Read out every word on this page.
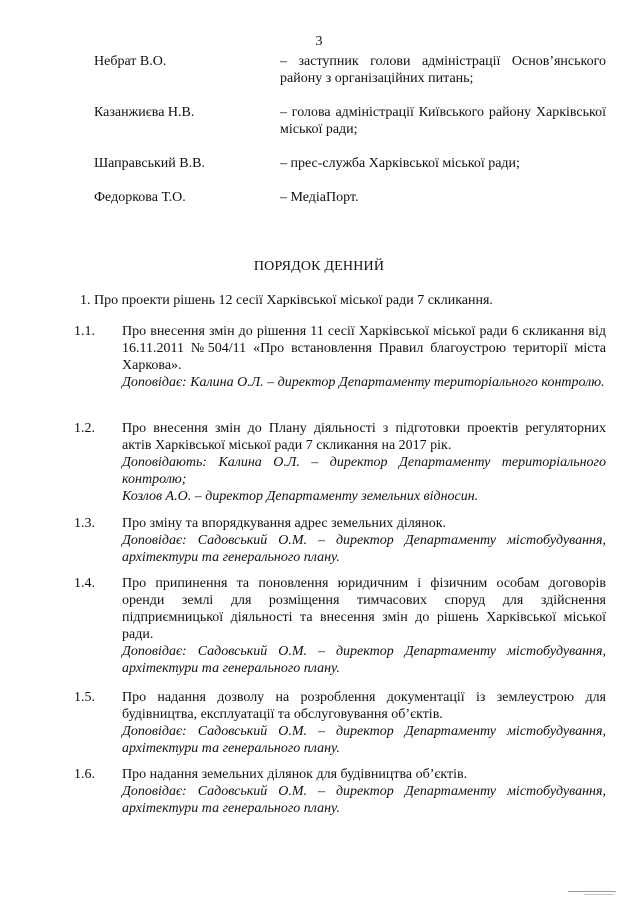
3
Небрат В.О.	– заступник голови адміністрації Основ’янського району з організаційних питань;
Казанжиєва Н.В.	– голова адміністрації Київського району Харківської міської ради;
Шаправський В.В.	– прес-служба Харківської міської ради;
Федоркова Т.О.	– МедіаПорт.
ПОРЯДОК ДЕННИЙ
1. Про проекти рішень 12 сесії Харківської міської ради 7 скликання.
1.1. Про внесення змін до рішення 11 сесії Харківської міської ради 6 скликання від 16.11.2011 №504/11 «Про встановлення Правил благоустрою території міста Харкова».
Доповідає: Калина О.Л. – директор Департаменту територіального контролю.
1.2. Про внесення змін до Плану діяльності з підготовки проектів регуляторних актів Харківської міської ради 7 скликання на 2017 рік.
Доповідають: Калина О.Л. – директор Департаменту територіального контролю;
Козлов А.О. – директор Департаменту земельних відносин.
1.3. Про зміну та впорядкування адрес земельних ділянок.
Доповідає: Садовський О.М. – директор Департаменту містобудування, архітектури та генерального плану.
1.4. Про припинення та поновлення юридичним і фізичним особам договорів оренди землі для розміщення тимчасових споруд для здійснення підприємницької діяльності та внесення змін до рішень Харківської міської ради.
Доповідає: Садовський О.М. – директор Департаменту містобудування, архітектури та генерального плану.
1.5. Про надання дозволу на розроблення документації із землеустрою для будівництва, експлуатації та обслуговування об’єктів.
Доповідає: Садовський О.М. – директор Департаменту містобудування, архітектури та генерального плану.
1.6. Про надання земельних ділянок для будівництва об’єктів.
Доповідає: Садовський О.М. – директор Департаменту містобудування, архітектури та генерального плану.
